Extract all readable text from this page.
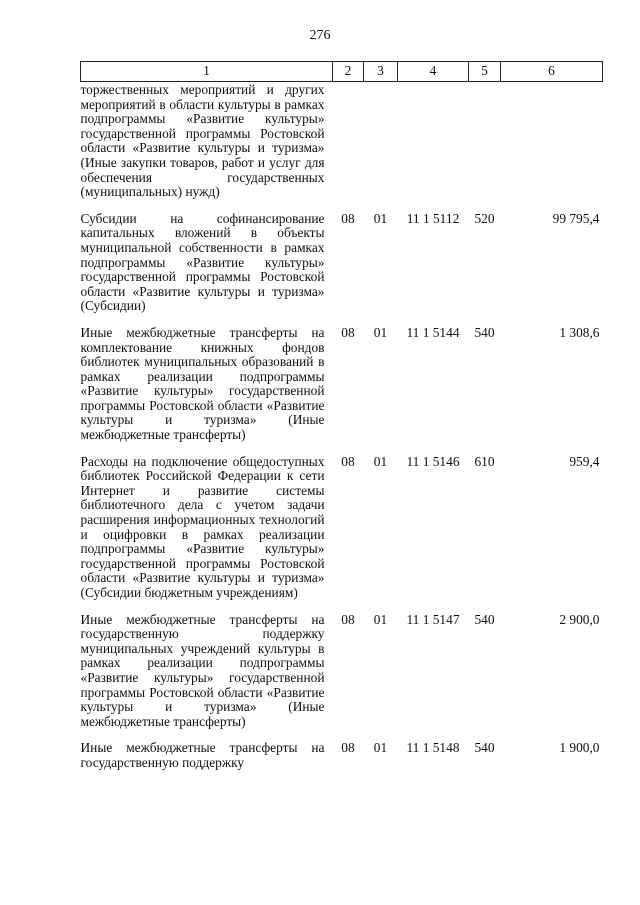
276
1	2	3	4	5	6
торжественных мероприятий и других мероприятий в области культуры в рамках подпрограммы «Развитие культуры» государственной программы Ростовской области «Развитие культуры и туризма» (Иные закупки товаров, работ и услуг для обеспечения государственных (муниципальных) нужд)					
Субсидии на софинансирование капитальных вложений в объекты муниципальной собственности в рамках подпрограммы «Развитие культуры» государственной программы Ростовской области «Развитие культуры и туризма» (Субсидии)	08	01	11 1 5112	520	99 795,4
Иные межбюджетные трансферты на комплектование книжных фондов библиотек муниципальных образований в рамках реализации подпрограммы «Развитие культуры» государственной программы Ростовской области «Развитие культуры и туризма» (Иные межбюджетные трансферты)	08	01	11 1 5144	540	1 308,6
Расходы на подключение общедоступных библиотек Российской Федерации к сети Интернет и развитие системы библиотечного дела с учетом задачи расширения информационных технологий и оцифровки в рамках реализации подпрограммы «Развитие культуры» государственной программы Ростовской области «Развитие культуры и туризма» (Субсидии бюджетным учреждениям)	08	01	11 1 5146	610	959,4
Иные межбюджетные трансферты на государственную поддержку муниципальных учреждений культуры в рамках реализации подпрограммы «Развитие культуры» государственной программы Ростовской области «Развитие культуры и туризма» (Иные межбюджетные трансферты)	08	01	11 1 5147	540	2 900,0
Иные межбюджетные трансферты на государственную поддержку	08	01	11 1 5148	540	1 900,0
